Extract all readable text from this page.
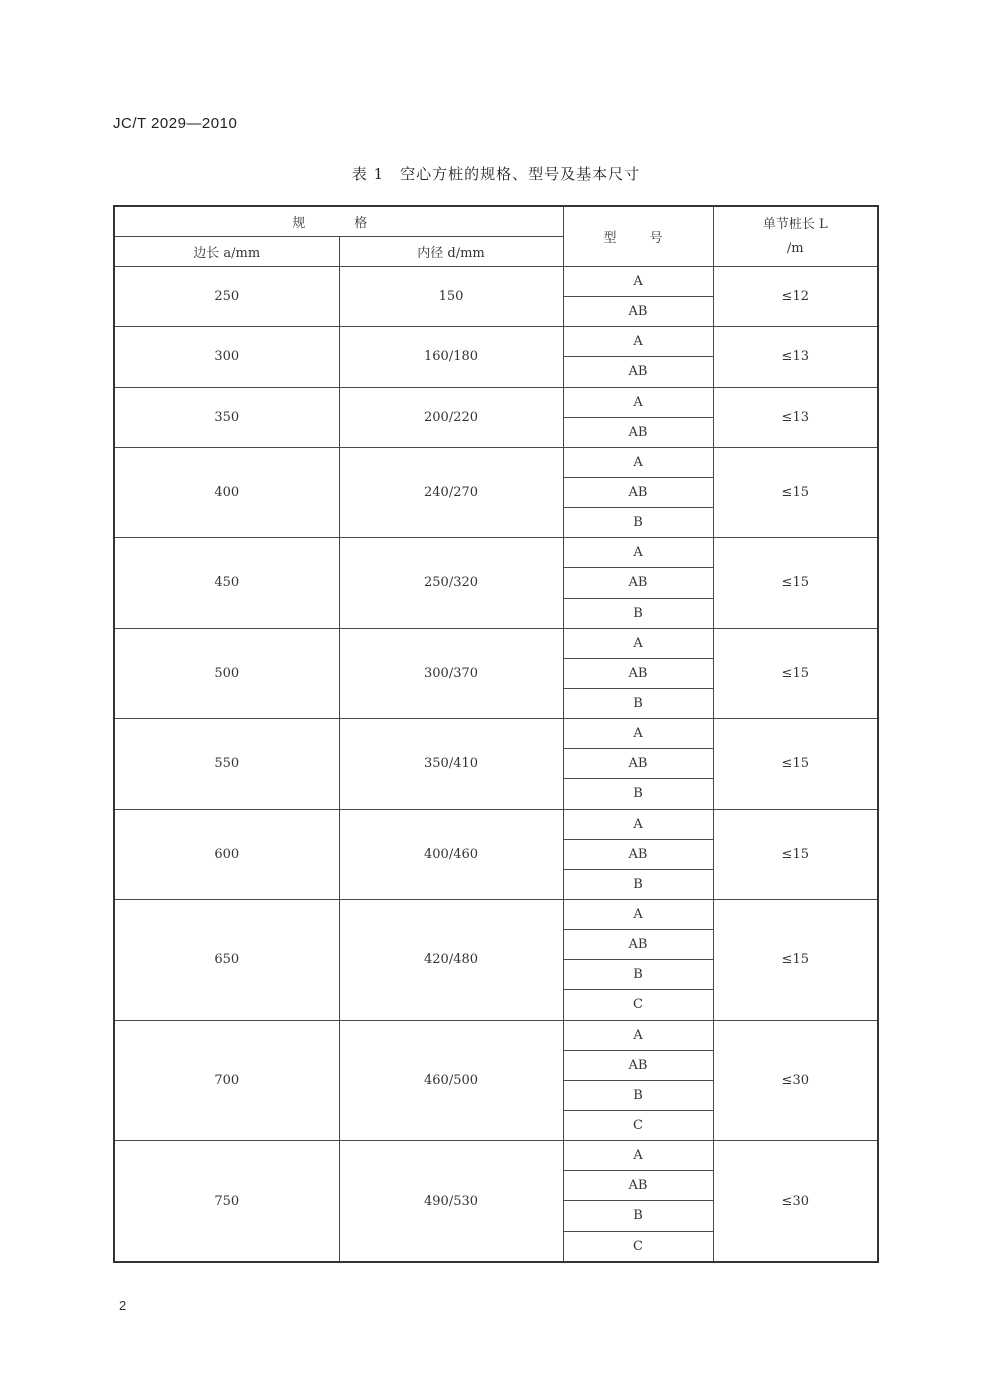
JC/T 2029—2010
表 1　空心方桩的规格、型号及基本尺寸
规　格		型　号	单节桩长 L
/m

边长 a/mm	内径 d/mm		
250	150	A	≤12
		AB	
300	160/180	A	≤13
		AB	
350	200/220	A	≤13
		AB	
400	240/270	A	≤15
		AB	
		B	
450	250/320	A	≤15
		AB	
		B	
500	300/370	A	≤15
		AB	
		B	
550	350/410	A	≤15
		AB	
		B	
600	400/460	A	≤15
		AB	
		B	
650	420/480	A	≤15
		AB	
		B	
		C	
700	460/500	A	≤30
		AB	
		B	
		C	
750	490/530	A	≤30
		AB	
		B	
		C	
2
